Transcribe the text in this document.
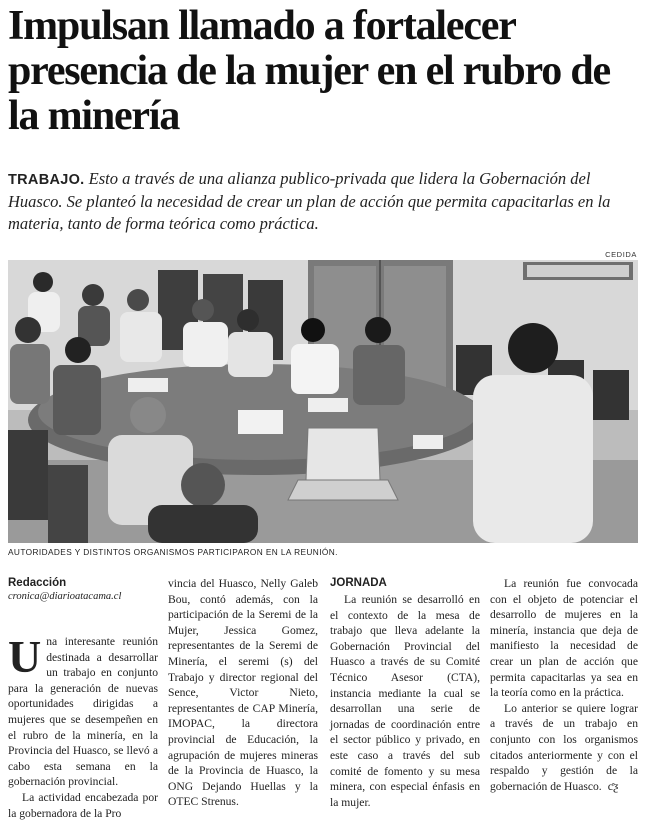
Impulsan llamado a fortalecer presencia de la mujer en el rubro de la minería
TRABAJO. Esto a través de una alianza publico-privada que lidera la Gobernación del Huasco. Se planteó la necesidad de crear un plan de acción que permita capacitarlas en la materia, tanto de forma teórica como práctica.
CEDIDA
AUTORIDADES Y DISTINTOS ORGANISMOS PARTICIPARON EN LA REUNIÓN.
Redacción
cronica@diarioatacama.cl

Una interesante reunión destinada a desarrollar un trabajo en conjunto para la generación de nuevas oportunidades dirigidas a mujeres que se desempeñen en el rubro de la minería, en la Provincia del Huasco, se llevó a cabo esta semana en la gobernación provincial.

La actividad encabezada por la gobernadora de la Pro

vincia del Huasco, Nelly Galeb Bou, contó además, con la participación de la Seremi de la Mujer, Jessica Gomez, representantes de la Seremi de Minería, el seremi (s) del Trabajo y director regional del Sence, Victor Nieto, representantes de CAP Minería, IMOPAC, la directora provincial de Educación, la agrupación de mujeres mineras de la Provincia de Huasco, la ONG Dejando Huellas y la OTEC Strenus.

JORNADA

La reunión se desarrolló en el contexto de la mesa de trabajo que lleva adelante la Gobernación Provincial del Huasco a través de su Comité Técnico Asesor (CTA), instancia mediante la cual se desarrollan una serie de jornadas de coordinación entre el sector público y privado, en este caso a través del sub comité de fomento y su mesa minera, con especial énfasis en la mujer.

La reunión fue convocada con el objeto de potenciar el desarrollo de mujeres en la minería, instancia que deja de manifiesto la necesidad de crear un plan de acción que permita capacitarlas ya sea en la teoría como en la práctica.

Lo anterior se quiere lograr a través de un trabajo en conjunto con los organismos citados anteriormente y con el respaldo y gestión de la gobernación de Huasco. ƈƺ
